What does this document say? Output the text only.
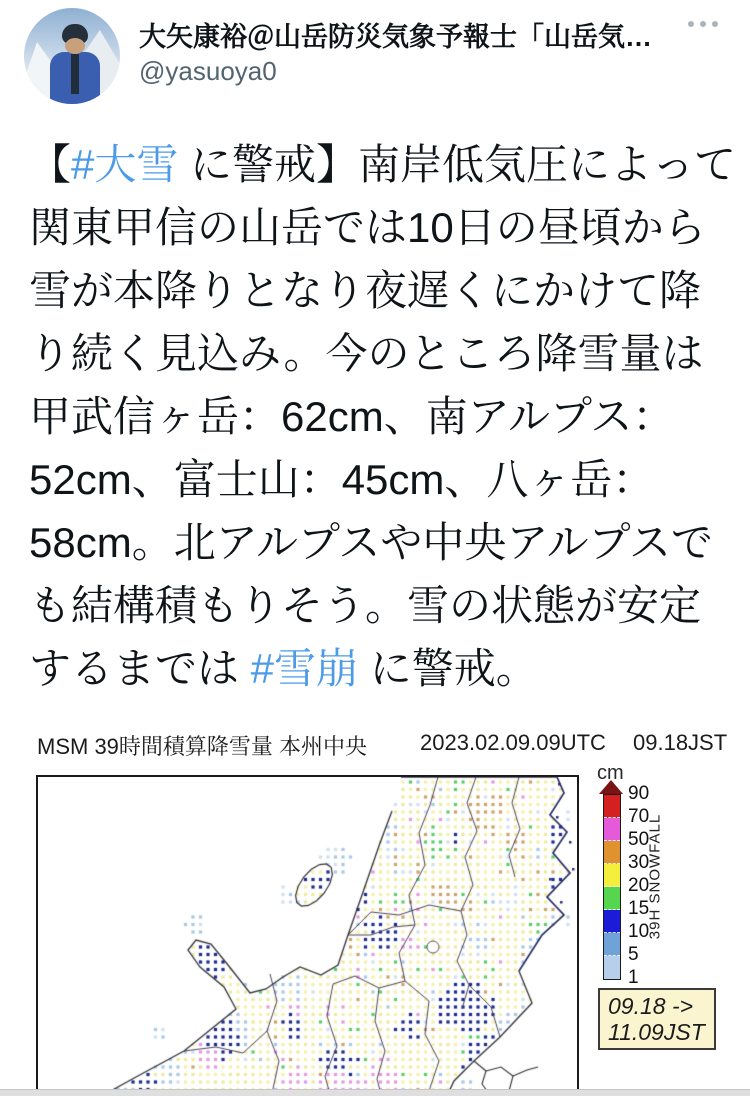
大矢康裕＠山岳防災気象予報士「山岳気…
@yasuoya0
【#大雪 に警戒】南岸低気圧によって関東甲信の山岳では10日の昼頃から雪が本降りとなり夜遅くにかけて降り続く見込み。今のところ降雪量は甲武信ヶ岳：62cm、南アルプス：52cm、富士山：45cm、八ヶ岳：58cm。北アルプスや中央アルプスでも結構積もりそう。雪の状態が安定するまでは #雪崩 に警戒。
MSM 39時間積算降雪量 本州中央 2023.02.09.09UTC 09.18JST
cm
90
70
50
30
20
15
10
5
1
39H SNOWFALL
09.18 ->
11.09JST
